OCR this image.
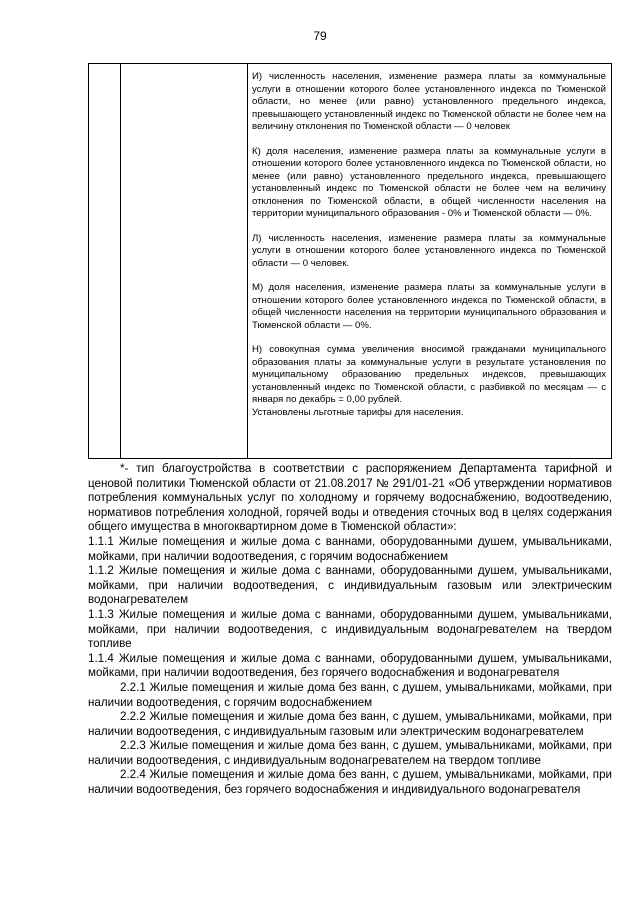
79

И) численность населения, изменение размера платы за коммунальные услуги в отношении которого более установленного индекса по Тюменской области, но менее (или равно) установленного предельного индекса, превышающего установленный индекс по Тюменской области не более чем на величину отклонения по Тюменской области — 0 человек

К) доля населения, изменение размера платы за коммунальные услуги в отношении которого более установленного индекса по Тюменской области, но менее (или равно) установленного предельного индекса, превышающего установленный индекс по Тюменской области не более чем на величину отклонения по Тюменской области, в общей численности населения на территории муниципального образования - 0% и Тюменской области — 0%.

Л) численность населения, изменение размера платы за коммунальные услуги в отношении которого более установленного индекса по Тюменской области — 0 человек.

М) доля населения, изменение размера платы за коммунальные услуги в отношении которого более установленного индекса по Тюменской области, в общей численности населения на территории муниципального образования и Тюменской области — 0%.

Н) совокупная сумма увеличения вносимой гражданами муниципального образования платы за коммунальные услуги в результате установления по муниципальному образованию предельных индексов, превышающих установленный индекс по Тюменской области, с разбивкой по месяцам — с января по декабрь = 0,00 рублей.

Установлены льготные тарифы для населения.

*- тип благоустройства в соответствии с распоряжением Департамента тарифной и ценовой политики Тюменской области от 21.08.2017 № 291/01-21 «Об утверждении нормативов потребления коммунальных услуг по холодному и горячему водоснабжению, водоотведению, нормативов потребления холодной, горячей воды и отведения сточных вод в целях содержания общего имущества в многоквартирном доме в Тюменской области»:

1.1.1 Жилые помещения и жилые дома с ваннами, оборудованными душем, умывальниками, мойками, при наличии водоотведения, с горячим водоснабжением

1.1.2 Жилые помещения и жилые дома с ваннами, оборудованными душем, умывальниками, мойками, при наличии водоотведения, с индивидуальным газовым или электрическим водонагревателем

1.1.3 Жилые помещения и жилые дома с ваннами, оборудованными душем, умывальниками, мойками, при наличии водоотведения, с индивидуальным водонагревателем на твердом топливе

1.1.4 Жилые помещения и жилые дома с ваннами, оборудованными душем, умывальниками, мойками, при наличии водоотведения, без горячего водоснабжения и водонагревателя

2.2.1 Жилые помещения и жилые дома без ванн, с душем, умывальниками, мойками, при наличии водоотведения, с горячим водоснабжением

2.2.2 Жилые помещения и жилые дома без ванн, с душем, умывальниками, мойками, при наличии водоотведения, с индивидуальным газовым или электрическим водонагревателем

2.2.3 Жилые помещения и жилые дома без ванн, с душем, умывальниками, мойками, при наличии водоотведения, с индивидуальным водонагревателем на твердом топливе

2.2.4 Жилые помещения и жилые дома без ванн, с душем, умывальниками, мойками, при наличии водоотведения, без горячего водоснабжения и индивидуального водонагревателя
